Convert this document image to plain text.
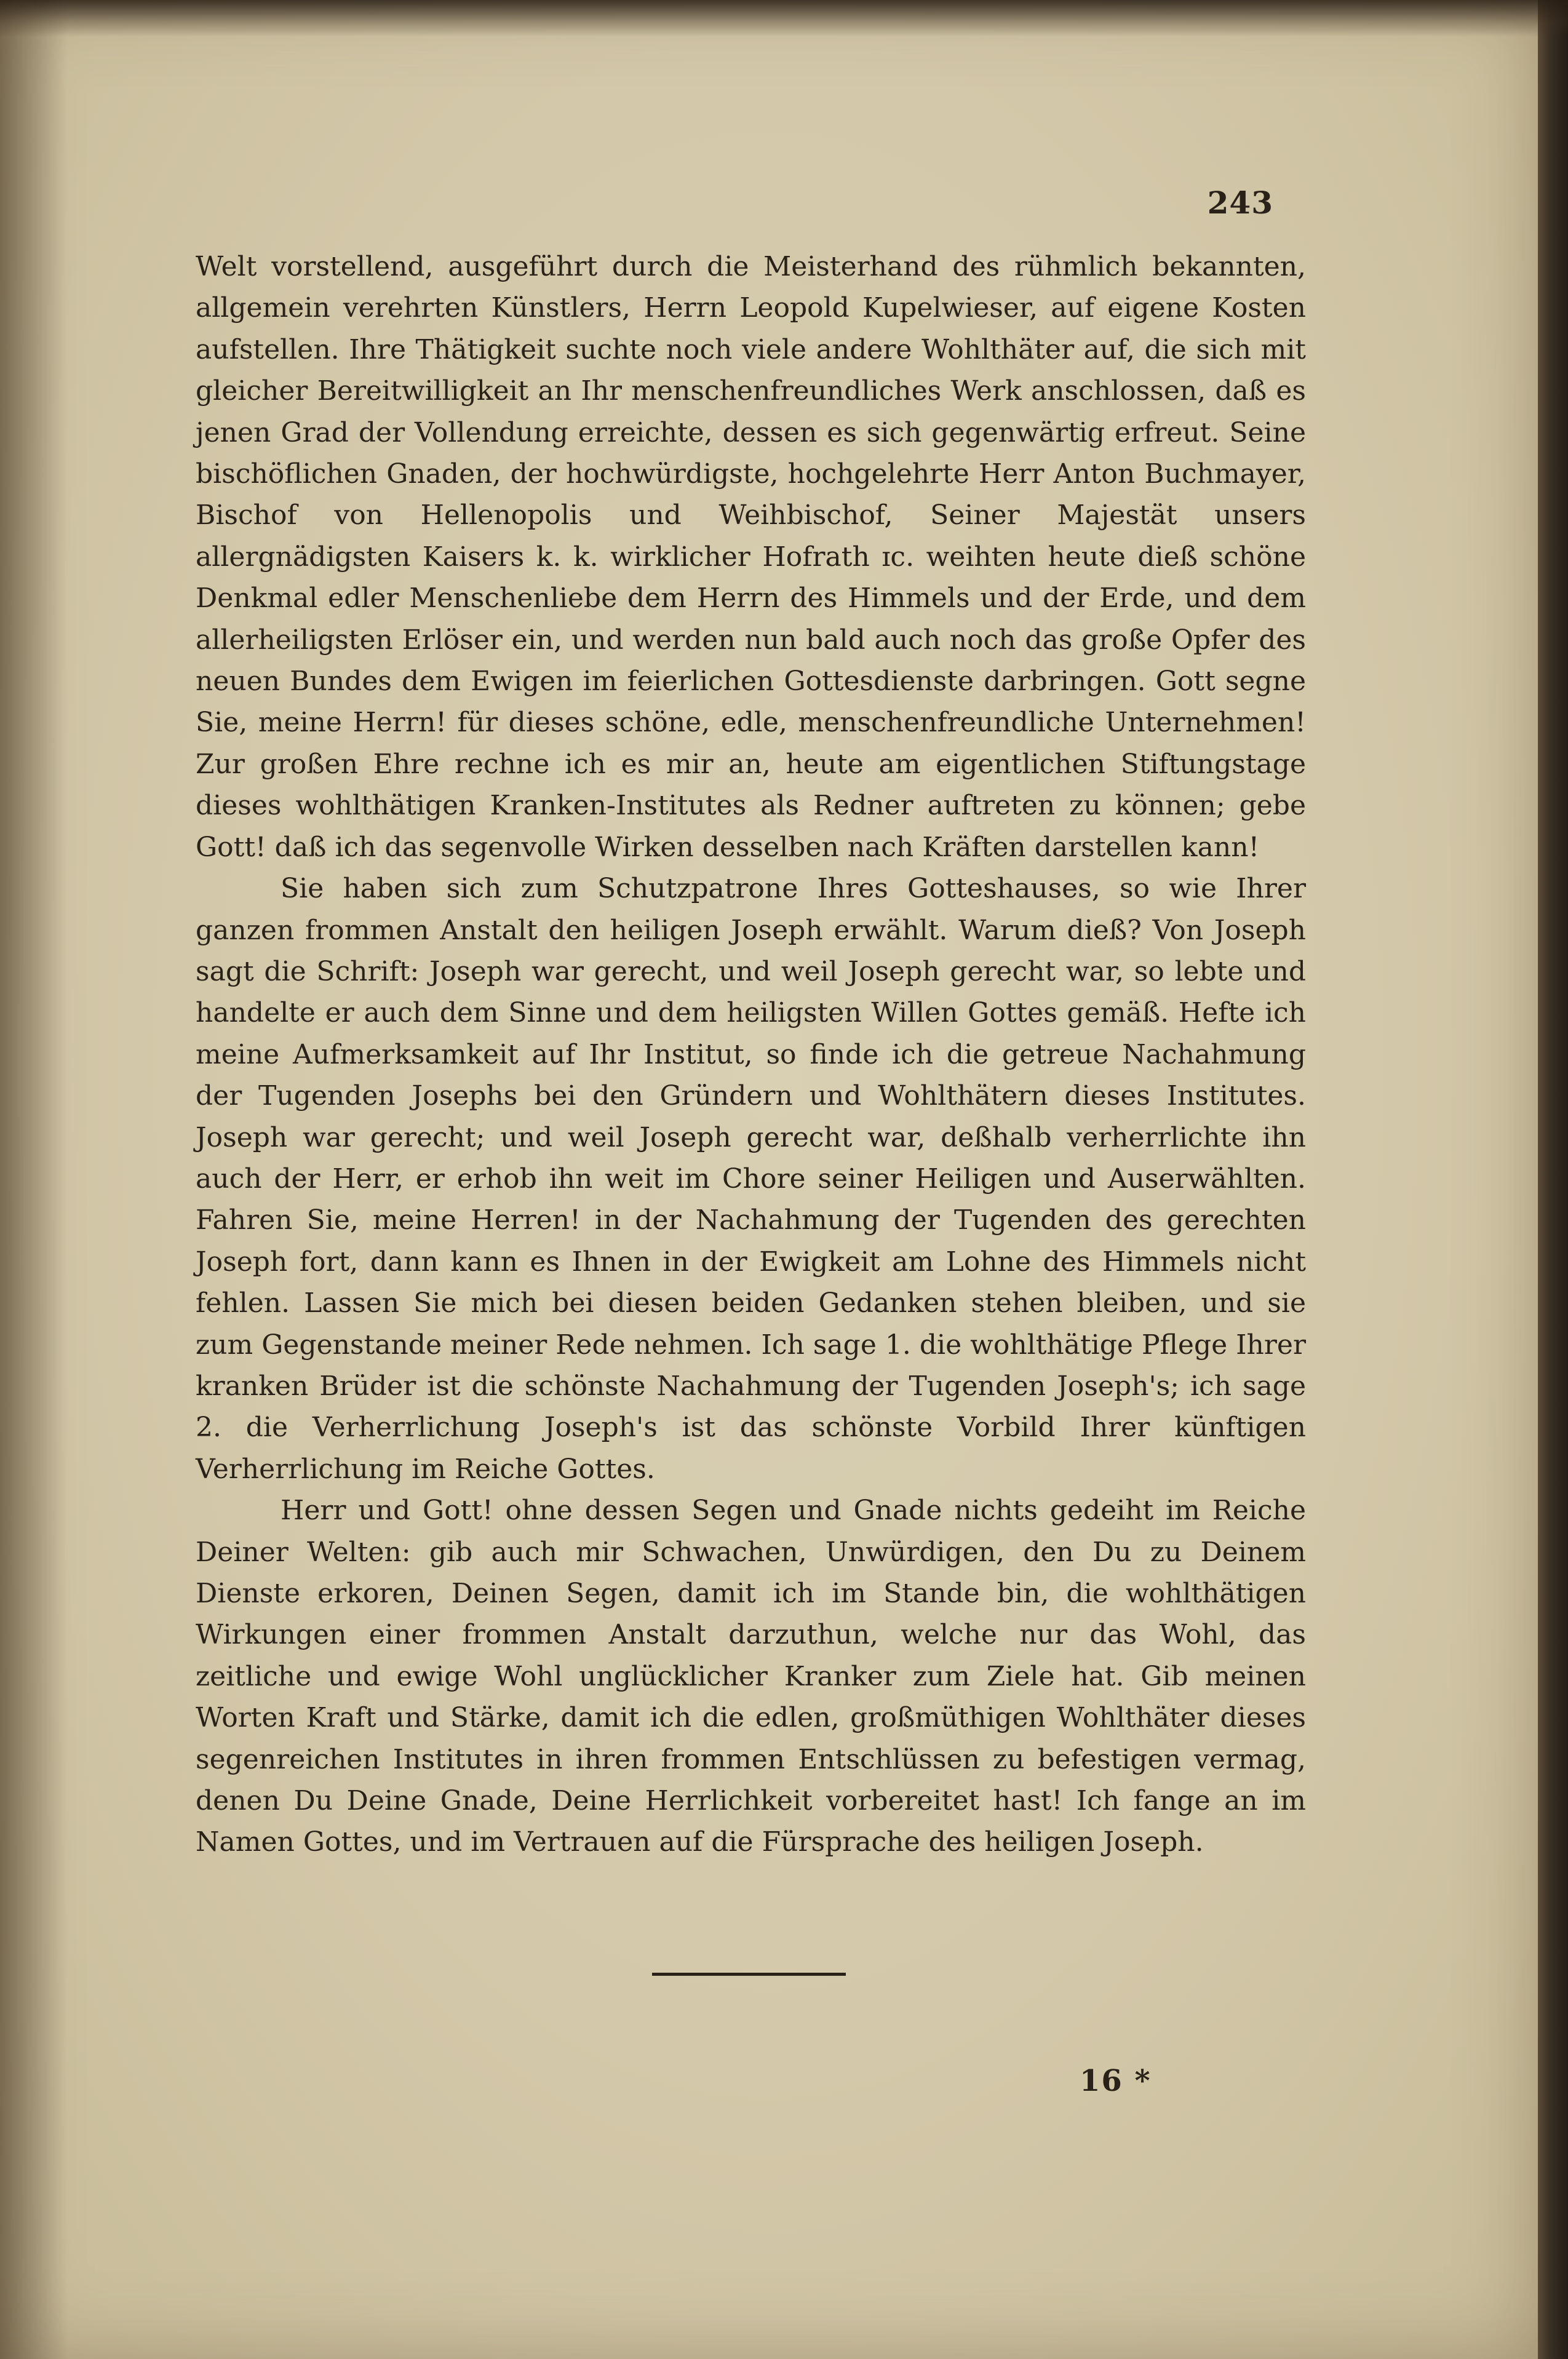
243

Welt vorstellend, ausgeführt durch die Meisterhand des rühmlich bekannten, allgemein verehrten Künstlers, Herrn Leopold Kupelwieser, auf eigene Kosten aufstellen. Ihre Thätigkeit suchte noch viele andere Wohlthäter auf, die sich mit gleicher Bereitwilligkeit an Ihr menschenfreundliches Werk anschlossen, daß es jenen Grad der Vollendung erreichte, dessen es sich gegenwärtig erfreut. Seine bischöflichen Gnaden, der hochwürdigste, hochgelehrte Herr Anton Buchmayer, Bischof von Hellenopolis und Weihbischof, Seiner Majestät unsers allergnädigsten Kaisers k. k. wirklicher Hofrath ɪc. weihten heute dieß schöne Denkmal edler Menschenliebe dem Herrn des Himmels und der Erde, und dem allerheiligsten Erlöser ein, und werden nun bald auch noch das große Opfer des neuen Bundes dem Ewigen im feierlichen Gottesdienste darbringen. Gott segne Sie, meine Herrn! für dieses schöne, edle, menschenfreundliche Unternehmen! Zur großen Ehre rechne ich es mir an, heute am eigentlichen Stiftungstage dieses wohlthätigen Kranken-Institutes als Redner auftreten zu können; gebe Gott! daß ich das segenvolle Wirken desselben nach Kräften darstellen kann!

Sie haben sich zum Schutzpatrone Ihres Gotteshauses, so wie Ihrer ganzen frommen Anstalt den heiligen Joseph erwählt. Warum dieß? Von Joseph sagt die Schrift: Joseph war gerecht, und weil Joseph gerecht war, so lebte und handelte er auch dem Sinne und dem heiligsten Willen Gottes gemäß. Hefte ich meine Aufmerksamkeit auf Ihr Institut, so finde ich die getreue Nachahmung der Tugenden Josephs bei den Gründern und Wohlthätern dieses Institutes. Joseph war gerecht; und weil Joseph gerecht war, deßhalb verherrlichte ihn auch der Herr, er erhob ihn weit im Chore seiner Heiligen und Auserwählten. Fahren Sie, meine Herren! in der Nachahmung der Tugenden des gerechten Joseph fort, dann kann es Ihnen in der Ewigkeit am Lohne des Himmels nicht fehlen. Lassen Sie mich bei diesen beiden Gedanken stehen bleiben, und sie zum Gegenstande meiner Rede nehmen. Ich sage 1. die wohlthätige Pflege Ihrer kranken Brüder ist die schönste Nachahmung der Tugenden Joseph's; ich sage 2. die Verherrlichung Joseph's ist das schönste Vorbild Ihrer künftigen Verherrlichung im Reiche Gottes.

Herr und Gott! ohne dessen Segen und Gnade nichts gedeiht im Reiche Deiner Welten: gib auch mir Schwachen, Unwürdigen, den Du zu Deinem Dienste erkoren, Deinen Segen, damit ich im Stande bin, die wohlthätigen Wirkungen einer frommen Anstalt darzuthun, welche nur das Wohl, das zeitliche und ewige Wohl unglücklicher Kranker zum Ziele hat. Gib meinen Worten Kraft und Stärke, damit ich die edlen, großmüthigen Wohlthäter dieses segenreichen Institutes in ihren frommen Entschlüssen zu befestigen vermag, denen Du Deine Gnade, Deine Herrlichkeit vorbereitet hast! Ich fange an im Namen Gottes, und im Vertrauen auf die Fürsprache des heiligen Joseph.

16 *
